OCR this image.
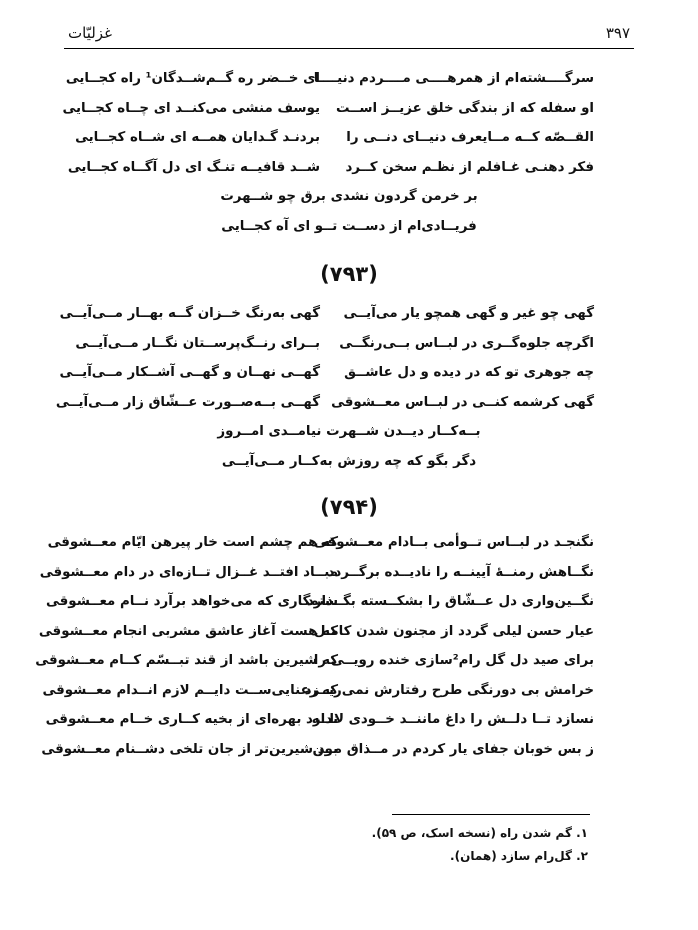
۳۹۷
غزلیّات
سرگــــشته‌ام از همرهــــی مــــردم دنیــــا
ای خــضر ره گــم‌شــدگان¹ راه کجــایی
او سفله که از بندگی خلق عزیــز اســت
یوسف منشی می‌کنــد ای چــاه کجــایی
القــصّه کــه مــایعرف دنیــای دنــی را
بردنـد گـدایان همــه ای شــاه کجــایی
فکر دهنـی غـافلم از نظـم سخن کــرد
شــد قافیــه تنـگ ای دل آگــاه کجــایی
بر خرمن گردون نشدی برق چو شــهرت
فریــادی‌ام از دســت تــو ای آه کجــایی
(۷۹۳)
گهی چو غیر و گهی همچو یار می‌آیــی
گهی به‌رنگ خــزان گــه بهــار مــی‌آیــی
اگرچه جلوه‌گــری در لبــاس بــی‌رنگــی
بــرای رنــگ‌پرســتان نگــار مــی‌آیــی
چه جوهری تو که در دیده و دل عاشــق
گهــی نهــان و گهــی آشــکار مــی‌آیــی
گهی کرشمه کنــی در لبــاس معــشوقی
گهــی بــه‌صــورت عــشّاق زار مــی‌آیــی
بــه‌کــار دیــدن شــهرت نیامــدی امــروز
دگر بگو که چه روزش به‌کــار مــی‌آیــی
(۷۹۴)
نگنجـد در لبــاس تــوأمی بــادام معــشوقی
که هم چشم است خار پیرهن ایّام معــشوقی
نگــاهش رمنــهٔ آیینــه را نادیــده برگــردد
مبــاد افتــد غــزال تــازه‌ای در دام معــشوقی
نگــین‌واری دل عــشّاق را بشکــسته بگــذارد
ستمگاری که می‌خواهد برآرد نــام معــشوقی
عیار حسن لیلی گردد از مجنون شدن کامـل
که هست آغاز عاشق مشربی انجام معــشوقی
برای صید دل گل رام²سازی خنده رویــی را
که شیرین باشد از قند تبــسّم کــام معــشوقی
خرامش بی دورنگی طرح رفتارش نمی‌ریــزد
که رعنایی‌ســت دایــم لازم انــدام معــشوقی
نسازد تــا دلــش را داغ ماننــد خــودی لالــه
ندارد بهره‌ای از بخیه کــاری خــام معــشوقی
ز بس خوبان جفای یار کردم در مــذاق مــن
بود شیرین‌تر از جان تلخی دشــنام معــشوقی
۱. گم شدن راه (نسخه اسک، ص ۵۹).
۲. گل‌رام سازد (همان).
